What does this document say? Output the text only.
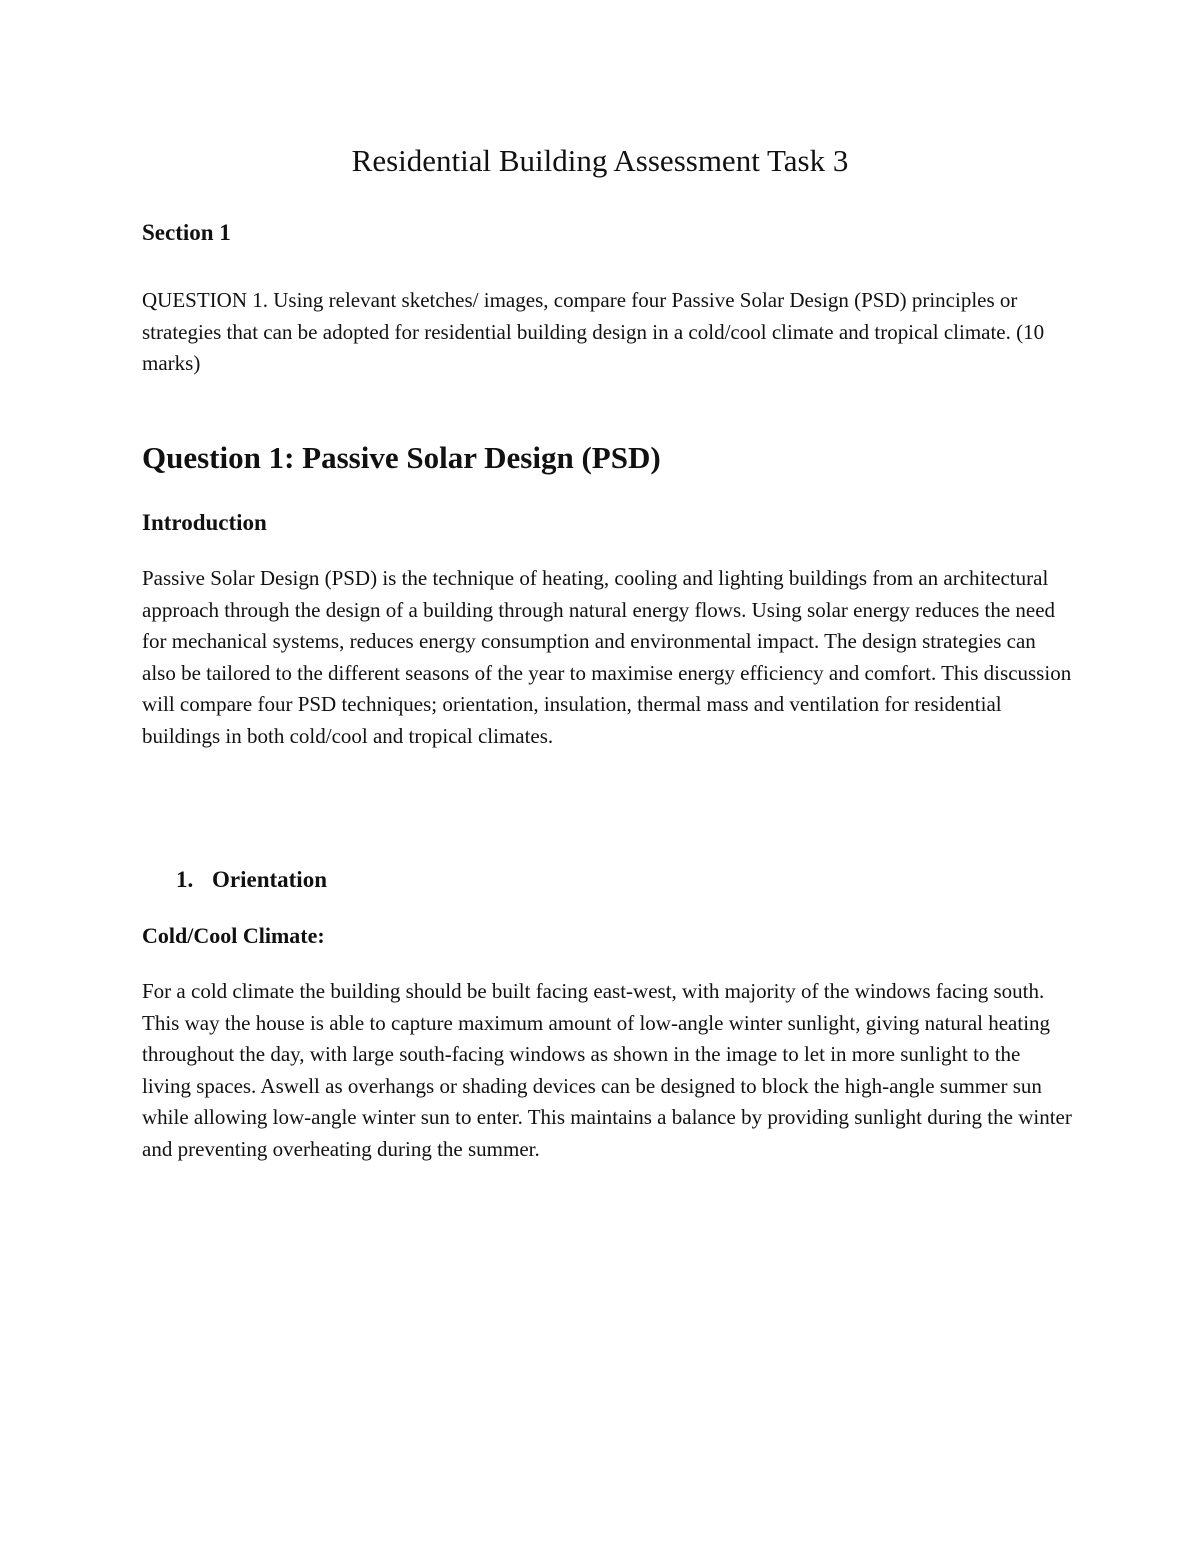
Residential Building Assessment Task 3
Section 1
QUESTION 1. Using relevant sketches/ images, compare four Passive Solar Design (PSD) principles or strategies that can be adopted for residential building design in a cold/cool climate and tropical climate. (10 marks)
Question 1: Passive Solar Design (PSD)
Introduction
Passive Solar Design (PSD) is the technique of heating, cooling and lighting buildings from an architectural approach through the design of a building through natural energy flows. Using solar energy reduces the need for mechanical systems, reduces energy consumption and environmental impact. The design strategies can also be tailored to the different seasons of the year to maximise energy efficiency and comfort. This discussion will compare four PSD techniques; orientation, insulation, thermal mass and ventilation for residential buildings in both cold/cool and tropical climates.
1. Orientation
Cold/Cool Climate:
For a cold climate the building should be built facing east-west, with majority of the windows facing south. This way the house is able to capture maximum amount of low-angle winter sunlight, giving natural heating throughout the day, with large south-facing windows as shown in the image to let in more sunlight to the living spaces. Aswell as overhangs or shading devices can be designed to block the high-angle summer sun while allowing low-angle winter sun to enter. This maintains a balance by providing sunlight during the winter and preventing overheating during the summer.
